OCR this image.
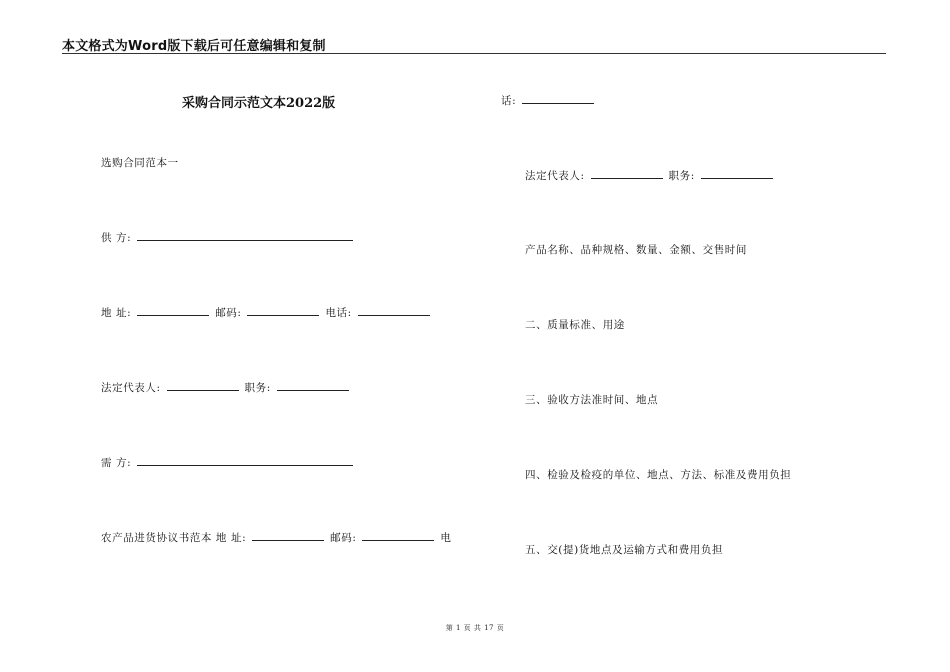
本文格式为Word版下载后可任意编辑和复制
采购合同示范文本2022版
选购合同范本一
供 方:
地 址:	邮码:	电话:
法定代表人:	职务:
需 方:
农产品进货协议书范本 地 址:	邮码:	电
话:
法定代表人:	职务:
产品名称、品种规格、数量、金额、交售时间
二、质量标准、用途
三、验收方法准时间、地点
四、检验及检疫的单位、地点、方法、标准及费用负担
五、交(提)货地点及运输方式和费用负担
第 1 页 共 17 页
